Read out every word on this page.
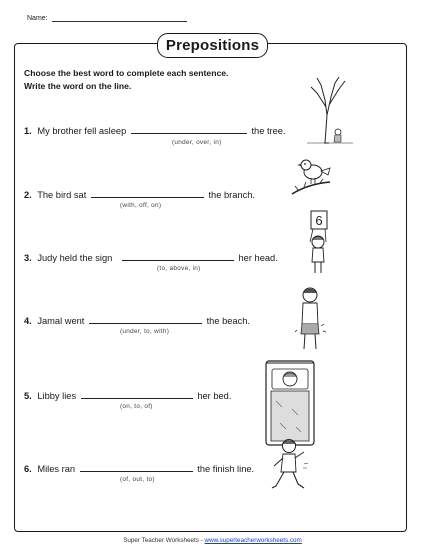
Name:
Prepositions
Choose the best word to complete each sentence.
Write the word on the line.
1. My brother fell asleep	the tree.
(under, over, in)
2. The bird sat	the branch.
(with, off, on)
3. Judy held the sign	her head.
(to, above, in)
4. Jamal went	the beach.
(under, to, with)
5. Libby lies	her bed.
(on, to, of)
6. Miles ran	the finish line.
(of, out, to)
6
Super Teacher Worksheets - www.superteacherworksheets.com
